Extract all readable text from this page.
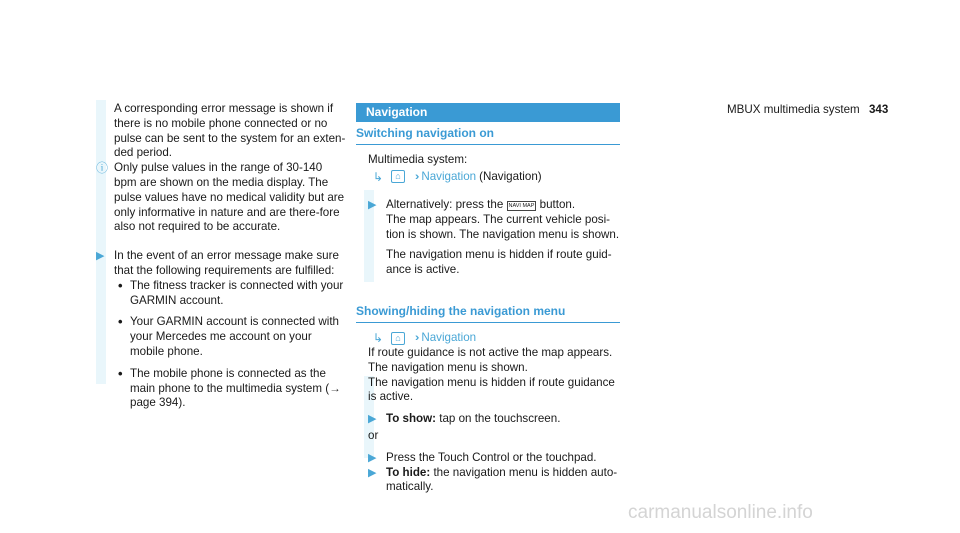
MBUX multimedia system 343

A corresponding error message is shown if there is no mobile phone connected or no pulse can be sent to the system for an exten-ded period.

ⓘ Only pulse values in the range of 30-140 bpm are shown on the media display. The pulse values have no medical validity but are only informative in nature and are there-fore also not required to be accurate.

▶ In the event of an error message make sure that the following requirements are fulfilled:

• The fitness tracker is connected with your GARMIN account.

• Your GARMIN account is connected with your Mercedes me account on your mobile phone.

• The mobile phone is connected as the main phone to the multimedia system (→ page 394).

Navigation
Switching navigation on

Multimedia system:

↳	⌂	›› Navigation (Navigation)
▶ Alternatively: press the NAVI MAP button.

The map appears. The current vehicle posi-tion is shown. The navigation menu is shown.

The navigation menu is hidden if route guid-ance is active.

Showing/hiding the navigation menu
↳	⌂	›› Navigation

If route guidance is not active the map appears. The navigation menu is shown.

The navigation menu is hidden if route guidance is active.

▶ To show: tap on the touchscreen.

or

▶ Press the Touch Control or the touchpad.

▶ To hide: the navigation menu is hidden auto-matically.

carmanualsonline.info
